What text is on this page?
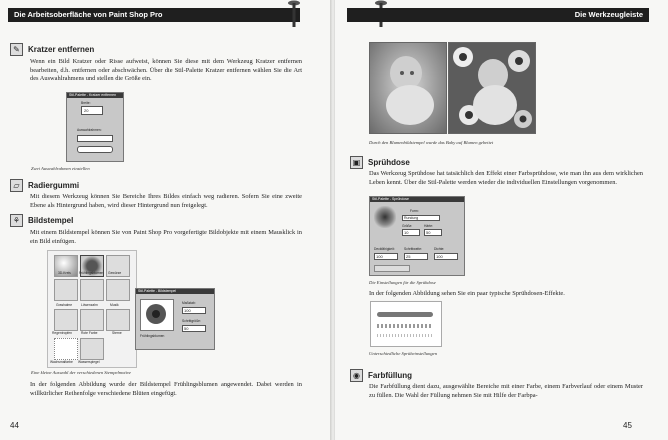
Die Arbeitsoberfläche von Paint Shop Pro
✎	Kratzer entfernen
Wenn ein Bild Kratzer oder Risse aufweist, können Sie diese mit dem Werkzeug Kratzer entfernen bearbeiten, d.h. entfernen oder abschwächen. Über die Stil-Palette Kratzer entfernen wählen Sie die Art des Auswahlrahmens und stellen die Größe ein.
Stil-Palette - Kratzer entfernen
Breite:
20
Auswahlrahmen:
Zwei Auswahlrahmen einstellen
▱	Radiergummi
Mit diesem Werkzeug können Sie Bereiche Ihres Bildes einfach weg radieren. Sofern Sie eine zweite Ebene als Hintergrund haben, wird dieser Hintergrund nun freigelegt.
⚘ Bildstempel
Mit einem Bildstempel können Sie von Paint Shop Pro vorgefertigte Bildobjekte mit einem Mausklick in ein Bild einfügen.
3D-Kreis Frühlingsblumen Gewürze
Grashalme	Löwenzahn	Musik
Regentropfen	Rote Farbe	Sterne
Wachsmalfarbe Wasserspiegel
Stil-Palette - Bildstempel
Frühlingsblumen
Maßstab:
100
Schrittgröße:
50
Eine kleine Auswahl der verschiedenen Stempelmotive
In der folgenden Abbildung wurde der Bildstempel Frühlingsblumen angewendet. Dabei werden in willkürlicher Reihenfolge verschiedene Blüten eingefügt.
44
Die Werkzeugleiste
Durch den Blumenbildstempel wurde das Baby auf Blumen gebettet
▣ Sprühdose
Das Werkzeug Sprühdose hat tatsächlich den Effekt einer Farbsprühdose, wie man ihn aus dem wirklichen Leben kennt. Über die Stil-Palette werden wieder die individuellen Einstellungen vorgenommen.
Stil-Palette - Sprühdose
Form:
Rundung
Größe:	Härte:
10	50
Deckfähigkeit:	Schrittweite:	Dichte:
100	25	100
Die Einstellungen für die Sprühdose
In der folgenden Abbildung sehen Sie ein paar typische Sprühdosen-Effekte.
Unterschiedliche Sprüheinstellungen
◉	Farbfüllung
Die Farbfüllung dient dazu, ausgewählte Bereiche mit einer Farbe, einem Farbverlauf oder einem Muster zu füllen. Die Wahl der Füllung nehmen Sie mit Hilfe der Farbpa-
45
